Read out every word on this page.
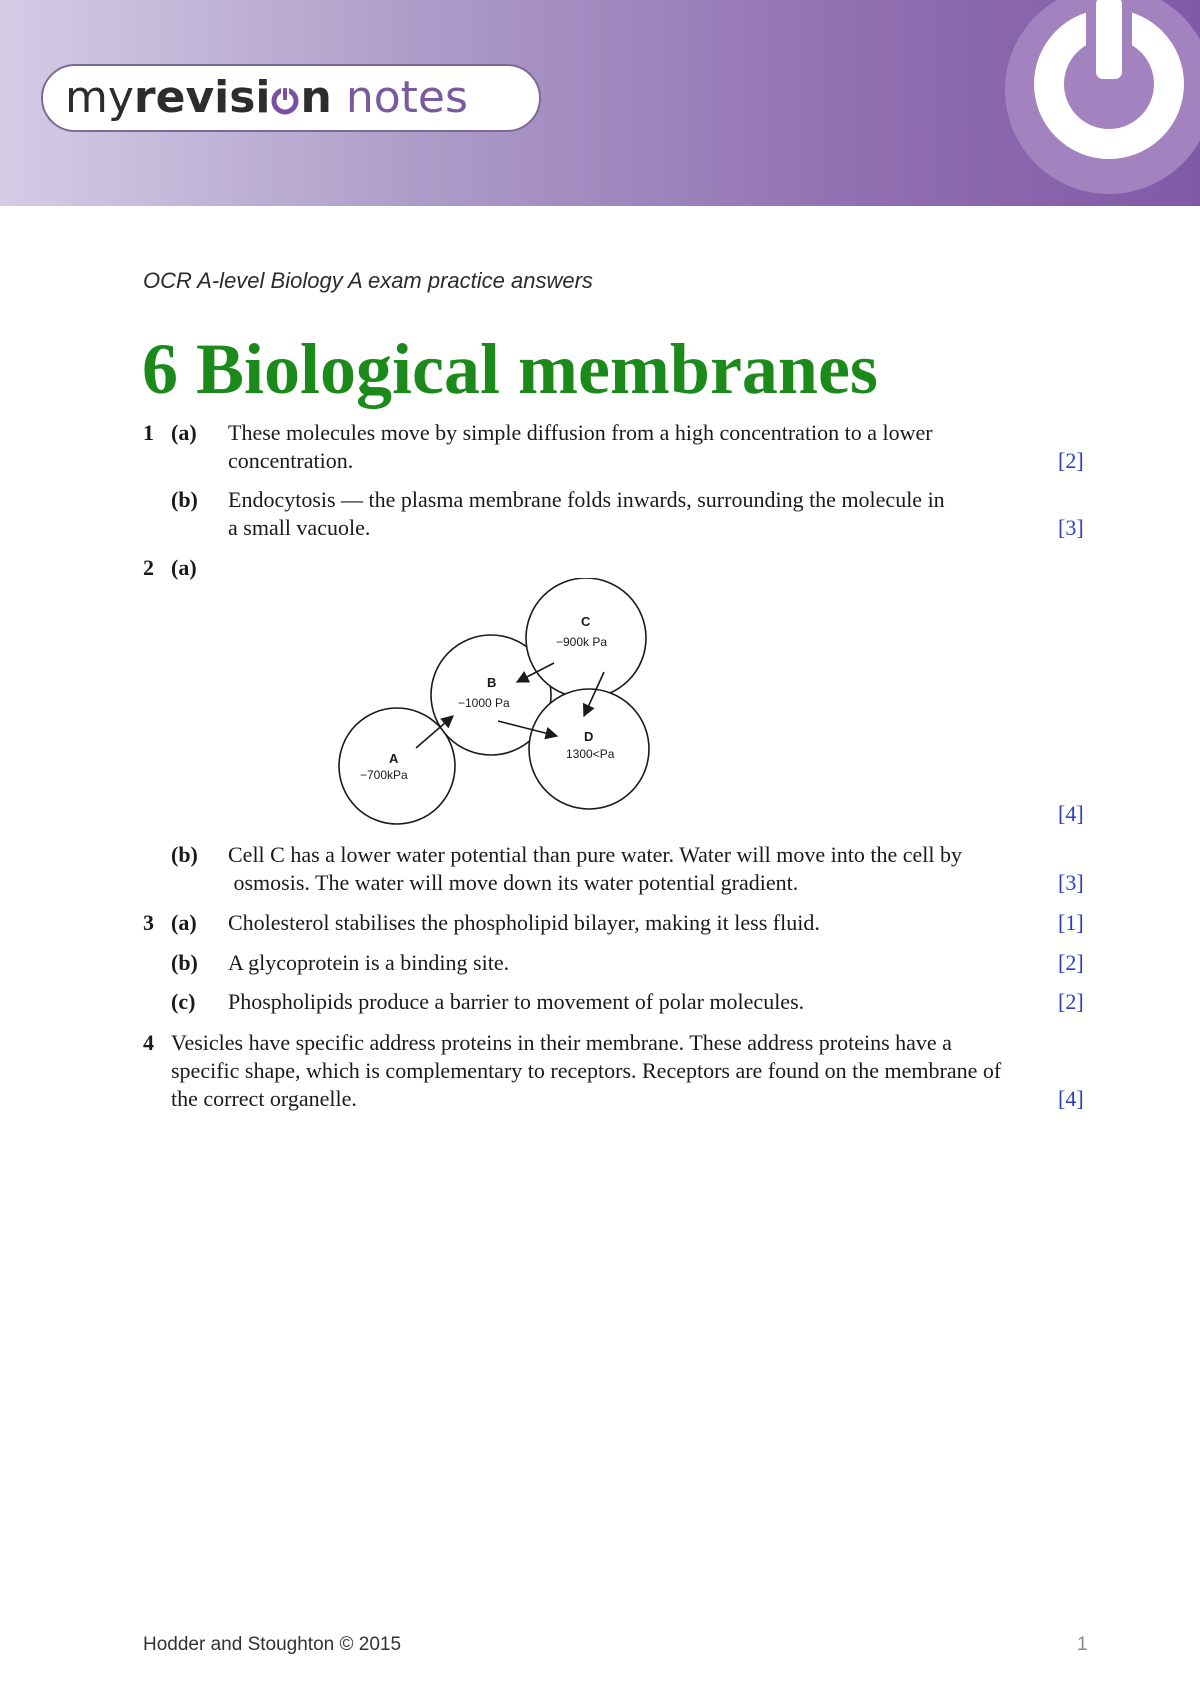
myrevisi n notes
OCR A-level Biology A exam practice answers
6 Biological membranes
1 (a) These molecules move by simple diffusion from a high concentration to a lower
concentration.	[2]
(b) Endocytosis — the plasma membrane folds inwards, surrounding the molecule in
a small vacuole.	[3]
2 (a)
A
−700kPa
B
−1000 Pa
C
−900k Pa
D
1300<Pa
[4]
(b) Cell C has a lower water potential than pure water. Water will move into the cell by
osmosis. The water will move down its water potential gradient.	[3]
3 (a) Cholesterol stabilises the phospholipid bilayer, making it less fluid.	[1]
(b) A glycoprotein is a binding site.	[2]
(c) Phospholipids produce a barrier to movement of polar molecules.	[2]
4 Vesicles have specific address proteins in their membrane. These address proteins have a
specific shape, which is complementary to receptors. Receptors are found on the membrane of
the correct organelle.	[4]
Hodder and Stoughton © 2015	1
